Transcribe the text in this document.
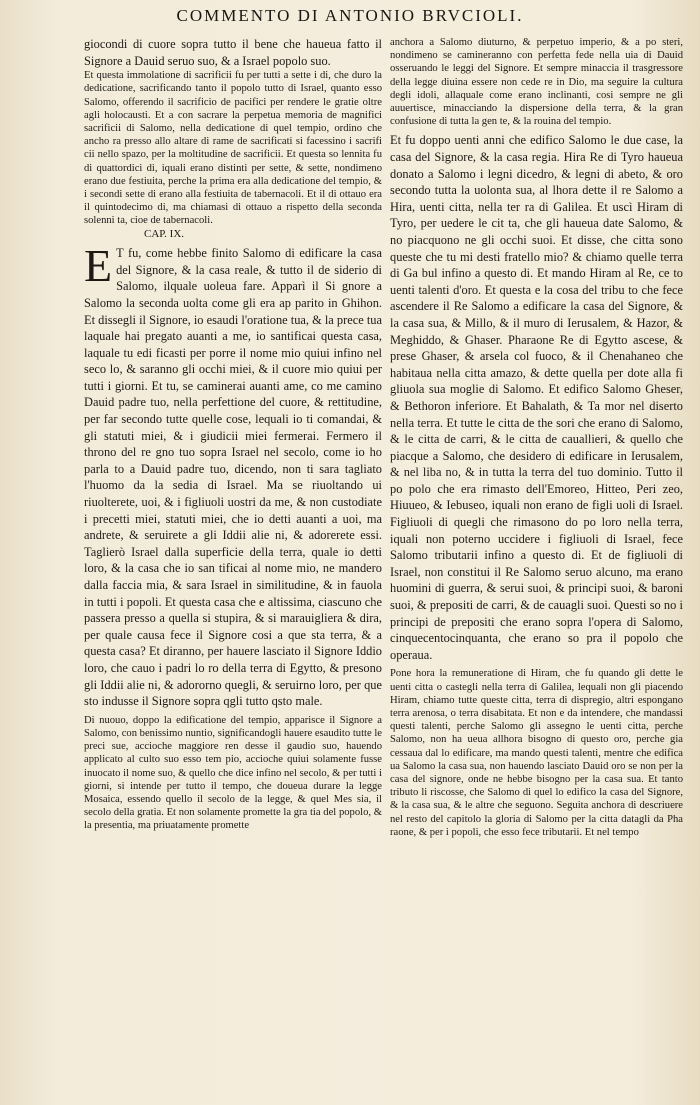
COMMENTO DI ANTONIO BRVCIOLI.

giocondi di cuore sopra tutto il bene che haueua fatto il Signore a Dauid seruo suo, & a Israel popolo suo.

Et questa immolatione di sacrificii fu per tutti a sette i di, che duro la dedicatione, sacrificando tanto il popolo tutto di Israel, quanto esso Salomo, offerendo il sacrificio de pacifici per rendere le gratie oltre agli holocausti. Et a con sacrare la perpetua memoria de magnifici sacrificii di Salomo, nella dedicatione di quel tempio, ordino che ancho ra presso allo altare di rame de sacrificati si facessino i sacrifi cii nello spazo, per la moltitudine de sacrificii. Et questa so lennita fu di quattordici di, iquali erano distinti per sette, & sette, nondimeno erano due festiuita, perche la prima era alla dedicatione del tempio, & i secondi sette di erano alla festiuita de tabernacoli. Et il di ottauo era il quintodecimo di, ma chiamasi di ottauo a rispetto della seconda solenni ta, cioe de tabernacoli.

CAP. IX.

E T fu, come hebbe finito Salomo di edificare la casa del Signore, & la casa reale, & tutto il de siderio di Salomo, ilquale uoleua fare. Apparì il Si gnore a Salomo la seconda uolta come gli era ap parito in Ghihon. Et dissegli il Signore, io esaudi l'oratione tua, & la prece tua laquale hai pregato auanti a me, io santificai questa casa, laquale tu edi ficasti per porre il nome mio quiui infino nel seco lo, & saranno gli occhi miei, & il cuore mio quiui per tutti i giorni. Et tu, se caminerai auanti ame, co me camino Dauid padre tuo, nella perfettione del cuore, & rettitudine, per far secondo tutte quelle cose, lequali io ti comandai, & gli statuti miei, & i giudicii miei fermerai. Fermero il throno del re gno tuo sopra Israel nel secolo, come io ho parla to a Dauid padre tuo, dicendo, non ti sara tagliato l'huomo da la sedia di Israel. Ma se riuoltando ui riuolterete, uoi, & i figliuoli uostri da me, & non custodiate i precetti miei, statuti miei, che io detti auanti a uoi, ma andrete, & seruirete a gli Iddii alie ni, & adorerete essi. Taglierò Israel dalla superficie della terra, quale io detti loro, & la casa che io san tificai al nome mio, ne mandero dalla faccia mia, & sara Israel in similitudine, & in fauola in tutti i popoli. Et questa casa che e altissima, ciascuno che passera presso a quella si stupira, & si marauigliera & dira, per quale causa fece il Signore cosi a que sta terra, & a questa casa? Et diranno, per hauere lasciato il Signore Iddio loro, che cauo i padri lo ro della terra di Egytto, & presono gli Iddii alie ni, & adororno quegli, & seruirno loro, per que sto indusse il Signore sopra qgli tutto qsto male.

Di nuouo, doppo la edificatione del tempio, apparisce il Signore a Salomo, con benissimo nuntio, significandogli hauere esaudito tutte le preci sue, accioche maggiore ren desse il gaudio suo, hauendo applicato al culto suo esso tem pio, accioche quiui solamente fusse inuocato il nome suo, & quello che dice infino nel secolo, & per tutti i giorni, si intende per tutto il tempo, che doueua durare la legge Mosaica, essendo quello il secolo de la legge, & quel Mes sia, il secolo della gratia. Et non solamente promette la gra tia del popolo, & la presentia, ma priuatamente promette

anchora a Salomo diuturno, & perpetuo imperio, & a po steri, nondimeno se camineranno con perfetta fede nella uia di Dauid osseruando le leggi del Signore. Et sempre minaccia il trasgressore della legge diuina essere non cede re in Dio, ma seguire la cultura degli idoli, allaquale come erano inclinanti, cosi sempre ne gli auuertisce, minacciando la dispersione della terra, & la gran confusione di tutta la gen te, & la rouina del tempio.

Et fu doppo uenti anni che edifico Salomo le due case, la casa del Signore, & la casa regia. Hira Re di Tyro haueua donato a Salomo i legni dicedro, & legni di abeto, & oro secondo tutta la uolonta sua, al lhora dette il re Salomo a Hira, uenti citta, nella ter ra di Galilea. Et uscì Hiram di Tyro, per uedere le cit ta, che gli haueua date Salomo, & no piacquono ne gli occhi suoi. Et disse, che citta sono queste che tu mi desti fratello mio? & chiamo quelle terra di Ga bul infino a questo di. Et mando Hiram al Re, ce to uenti talenti d'oro. Et questa e la cosa del tribu to che fece ascendere il Re Salomo a edificare la casa del Signore, & la casa sua, & Millo, & il muro di Ierusalem, & Hazor, & Meghiddo, & Ghaser. Pharaone Re di Egytto ascese, & prese Ghaser, & arsela col fuoco, & il Chenahaneo che habitaua nella citta amazo, & dette quella per dote alla fi gliuola sua moglie di Salomo. Et edifico Salomo Gheser, & Bethoron inferiore. Et Bahalath, & Ta mor nel diserto nella terra. Et tutte le citta de the sori che erano di Salomo, & le citta de carri, & le citta de cauallieri, & quello che piacque a Salomo, che desidero di edificare in Ierusalem, & nel liba no, & in tutta la terra del tuo dominio. Tutto il po polo che era rimasto dell'Emoreo, Hitteo, Peri zeo, Hiuueo, & Iebuseo, iquali non erano de figli uoli di Israel. Figliuoli di quegli che rimasono do po loro nella terra, iquali non poterno uccidere i figliuoli di Israel, fece Salomo tributarii infino a questo di. Et de figliuoli di Israel, non constitui il Re Salomo seruo alcuno, ma erano huomini di guerra, & serui suoi, & principi suoi, & baroni suoi, & prepositi de carri, & de cauagli suoi. Questi so no i principi de prepositi che erano sopra l'opera di Salomo, cinquecentocinquanta, che erano so pra il popolo che operaua.

Pone hora la remuneratione di Hiram, che fu quando gli dette le uenti citta o castegli nella terra di Galilea, lequali non gli piacendo Hiram, chiamo tutte queste citta, terra di dispregio, altri espongano terra arenosa, o terra disabitata. Et non e da intendere, che mandassi questi talenti, perche Salomo gli assegno le uenti citta, perche Salomo, non ha ueua allhora bisogno di questo oro, perche gia cessaua dal lo edificare, ma mando questi talenti, mentre che edifica ua Salomo la casa sua, non hauendo lasciato Dauid oro se non per la casa del signore, onde ne hebbe bisogno per la casa sua. Et tanto tributo li riscosse, che Salomo di quel lo edifico la casa del Signore, & la casa sua, & le altre che seguono. Seguita anchora di descriuere nel resto del capitolo la gloria di Salomo per la citta datagli da Pha raone, & per i popoli, che esso fece tributarii. Et nel tempo
